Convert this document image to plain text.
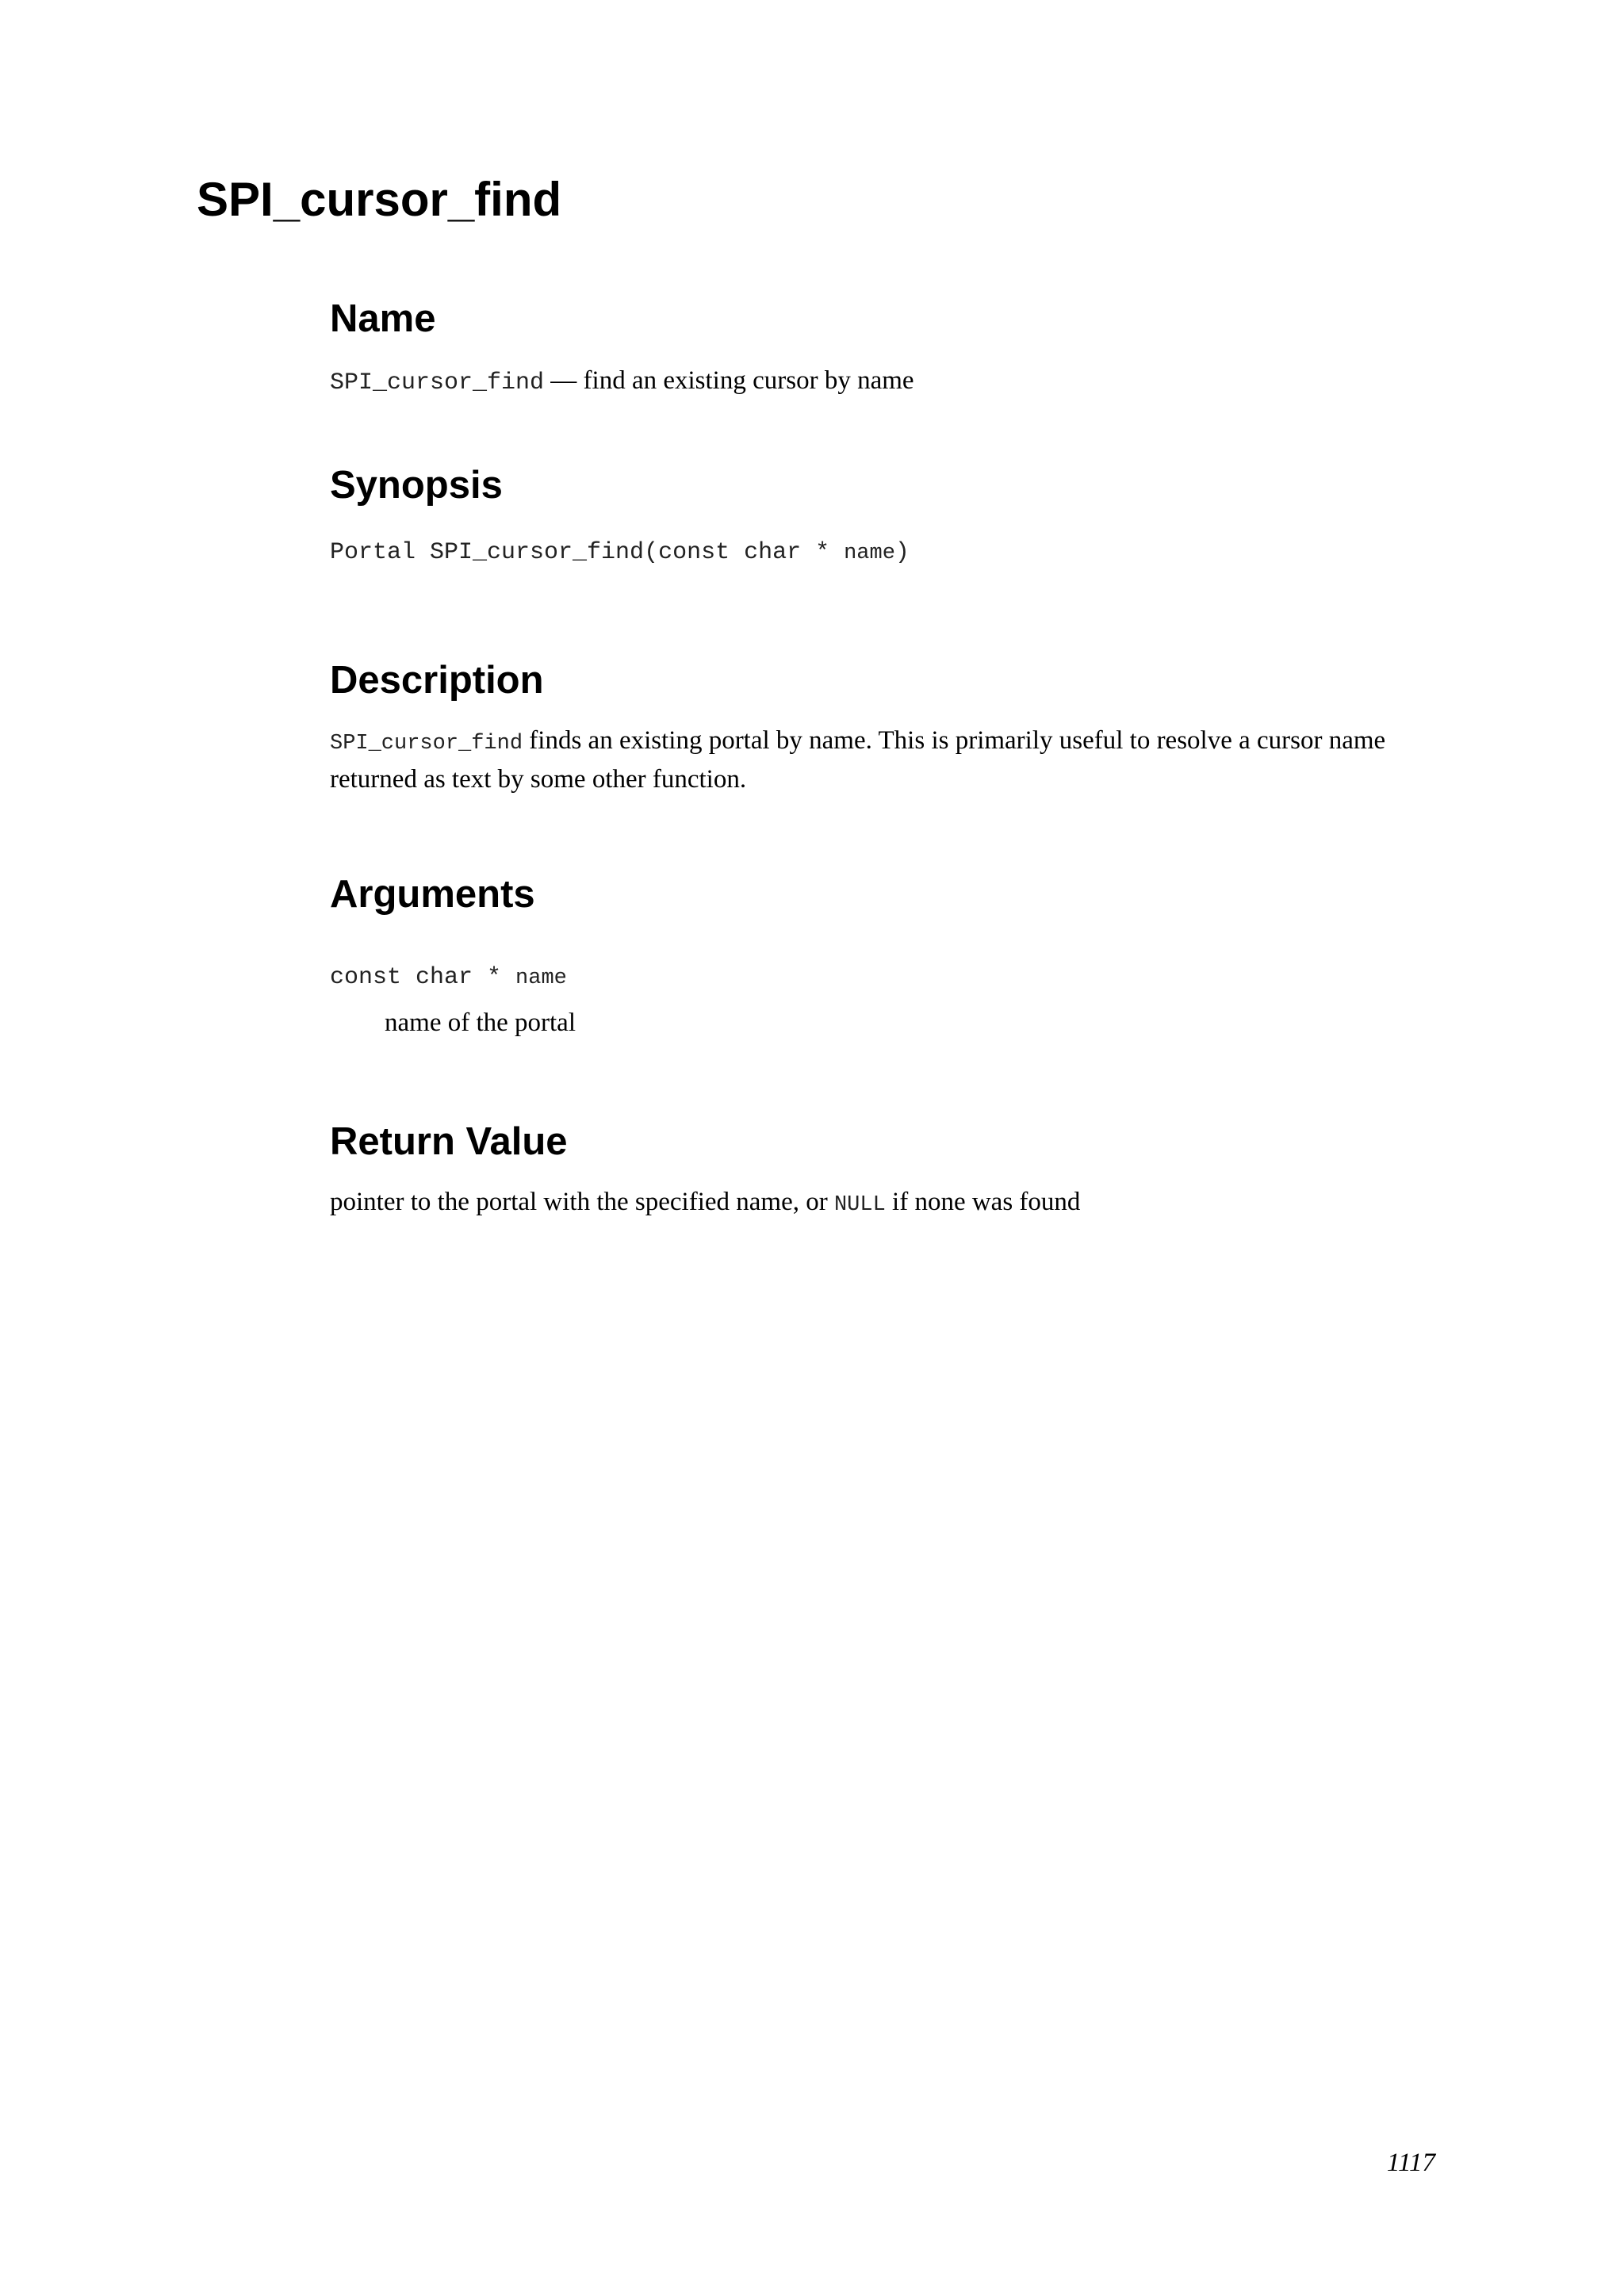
SPI_cursor_find
Name

SPI_cursor_find — find an existing cursor by name

Synopsis

Portal SPI_cursor_find(const char * name)

Description

SPI_cursor_find finds an existing portal by name. This is primarily useful to resolve a cursor name returned as text by some other function.

Arguments

const char * name

name of the portal

Return Value

pointer to the portal with the specified name, or NULL if none was found

1117
